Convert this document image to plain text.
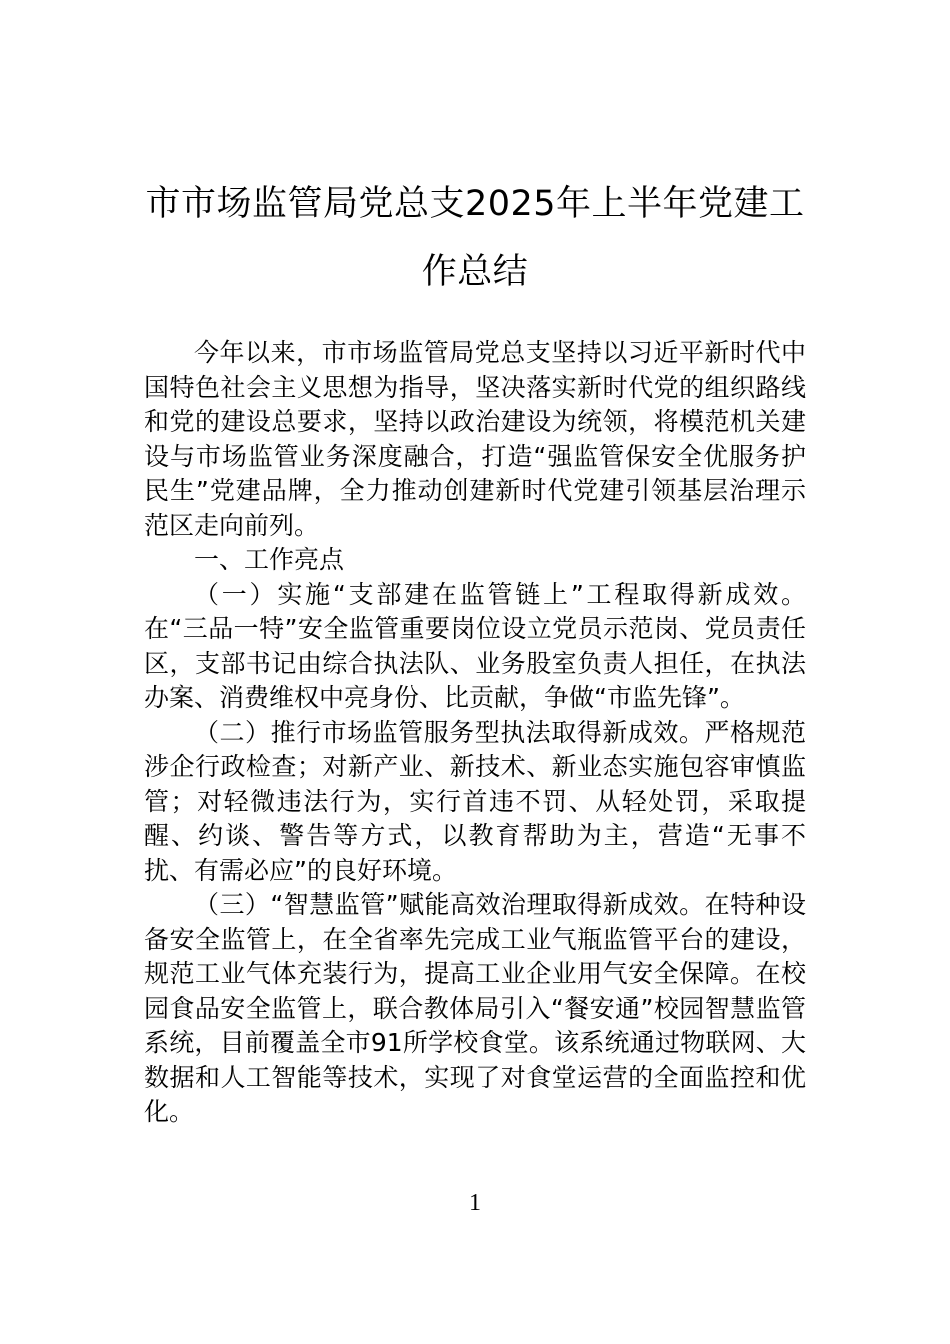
市市场监管局党总支2025年上半年党建工
作总结

今年以来，市市场监管局党总支坚持以习近平新时代中国特色社会主义思想为指导，坚决落实新时代党的组织路线和党的建设总要求，坚持以政治建设为统领，将模范机关建设与市场监管业务深度融合，打造“强监管保安全优服务护民生”党建品牌，全力推动创建新时代党建引领基层治理示范区走向前列。

一、工作亮点

（一）实施“支部建在监管链上”工程取得新成效。在“三品一特”安全监管重要岗位设立党员示范岗、党员责任区，支部书记由综合执法队、业务股室负责人担任，在执法办案、消费维权中亮身份、比贡献，争做“市监先锋”。

（二）推行市场监管服务型执法取得新成效。严格规范涉企行政检查；对新产业、新技术、新业态实施包容审慎监管；对轻微违法行为，实行首违不罚、从轻处罚，采取提醒、约谈、警告等方式，以教育帮助为主，营造“无事不扰、有需必应”的良好环境。

（三）“智慧监管”赋能高效治理取得新成效。在特种设备安全监管上，在全省率先完成工业气瓶监管平台的建设，规范工业气体充装行为，提高工业企业用气安全保障。在校园食品安全监管上，联合教体局引入“餐安通”校园智慧监管系统，目前覆盖全市91所学校食堂。该系统通过物联网、大数据和人工智能等技术，实现了对食堂运营的全面监控和优化。

1
